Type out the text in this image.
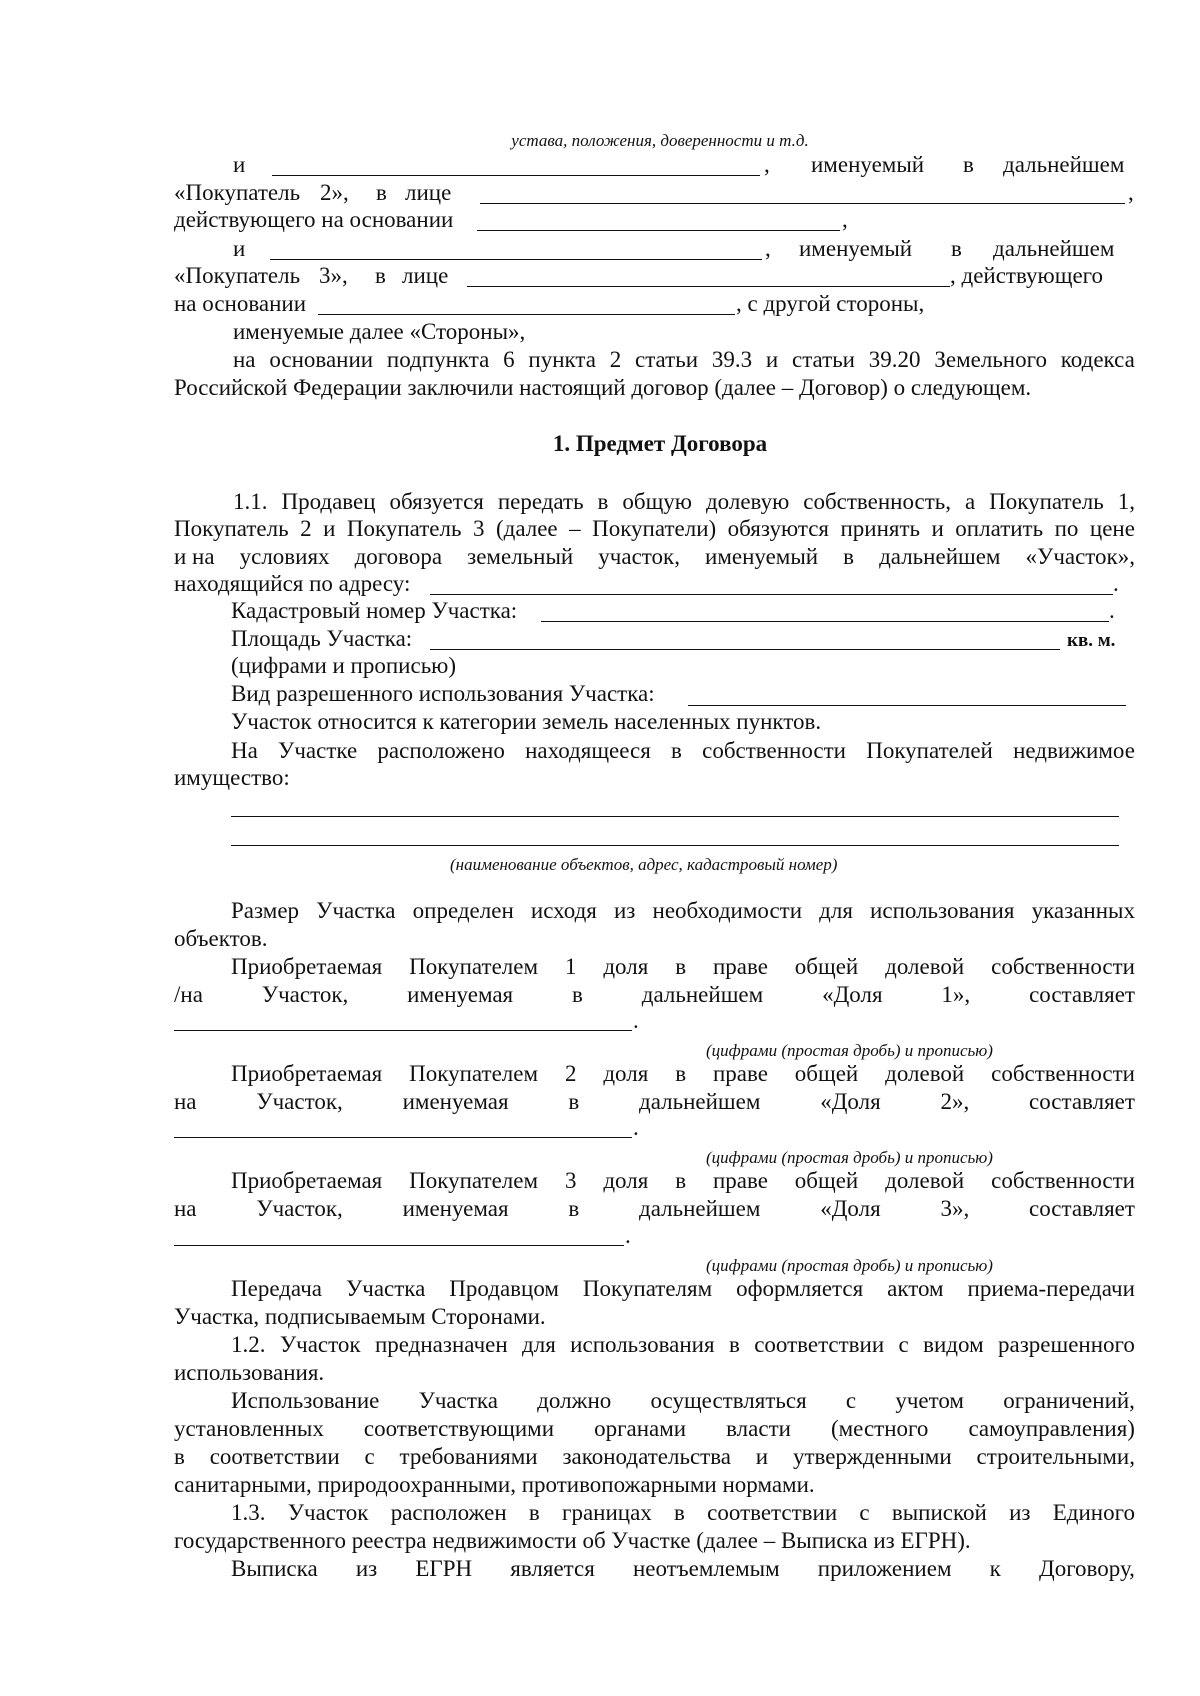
устава, положения, доверенности и т.д.
и	, именуемый в дальнейшем
«Покупатель 2», в лице	,
действующего на основании	,
и	, именуемый в дальнейшем
«Покупатель 3», в лице	, действующего
на основании	, с другой стороны,
именуемые далее «Стороны»,
на основании подпункта 6 пункта 2 статьи 39.3 и статьи 39.20 Земельного кодекса
Российской Федерации заключили настоящий договор (далее – Договор) о следующем.
1. Предмет Договора
1.1. Продавец обязуется передать в общую долевую собственность, а Покупатель 1,
Покупатель 2 и Покупатель 3 (далее – Покупатели) обязуются принять и оплатить по цене
и на условиях договора земельный участок, именуемый в дальнейшем «Участок»,
находящийся по адресу:	.
Кадастровый номер Участка:	.
Площадь Участка:	кв. м.
(цифрами и прописью)
Вид разрешенного использования Участка:
Участок относится к категории земель населенных пунктов.
На Участке расположено находящееся в собственности Покупателей недвижимое
имущество:
(наименование объектов, адрес, кадастровый номер)
Размер Участка определен исходя из необходимости для использования указанных
объектов.
Приобретаемая Покупателем 1 доля в праве общей долевой собственности
/на	Участок,	именуемая	в	дальнейшем	«Доля	1»,	составляет
.
(цифрами (простая дробь) и прописью)
Приобретаемая Покупателем 2 доля в праве общей долевой собственности
на	Участок,	именуемая	в	дальнейшем	«Доля	2»,	составляет
.
(цифрами (простая дробь) и прописью)
Приобретаемая Покупателем 3 доля в праве общей долевой собственности
на	Участок,	именуемая	в	дальнейшем	«Доля	3»,	составляет
.
(цифрами (простая дробь) и прописью)
Передача Участка Продавцом Покупателям оформляется актом приема-передачи
Участка, подписываемым Сторонами.
1.2. Участок предназначен для использования в соответствии с видом разрешенного
использования.
Использование Участка должно осуществляться с учетом ограничений,
установленных соответствующими органами власти (местного самоуправления)
в соответствии с требованиями законодательства и утвержденными строительными,
санитарными, природоохранными, противопожарными нормами.
1.3. Участок расположен в границах в соответствии с выпиской из Единого
государственного реестра недвижимости об Участке (далее – Выписка из ЕГРН).
Выписка из ЕГРН является неотъемлемым приложением к Договору,
